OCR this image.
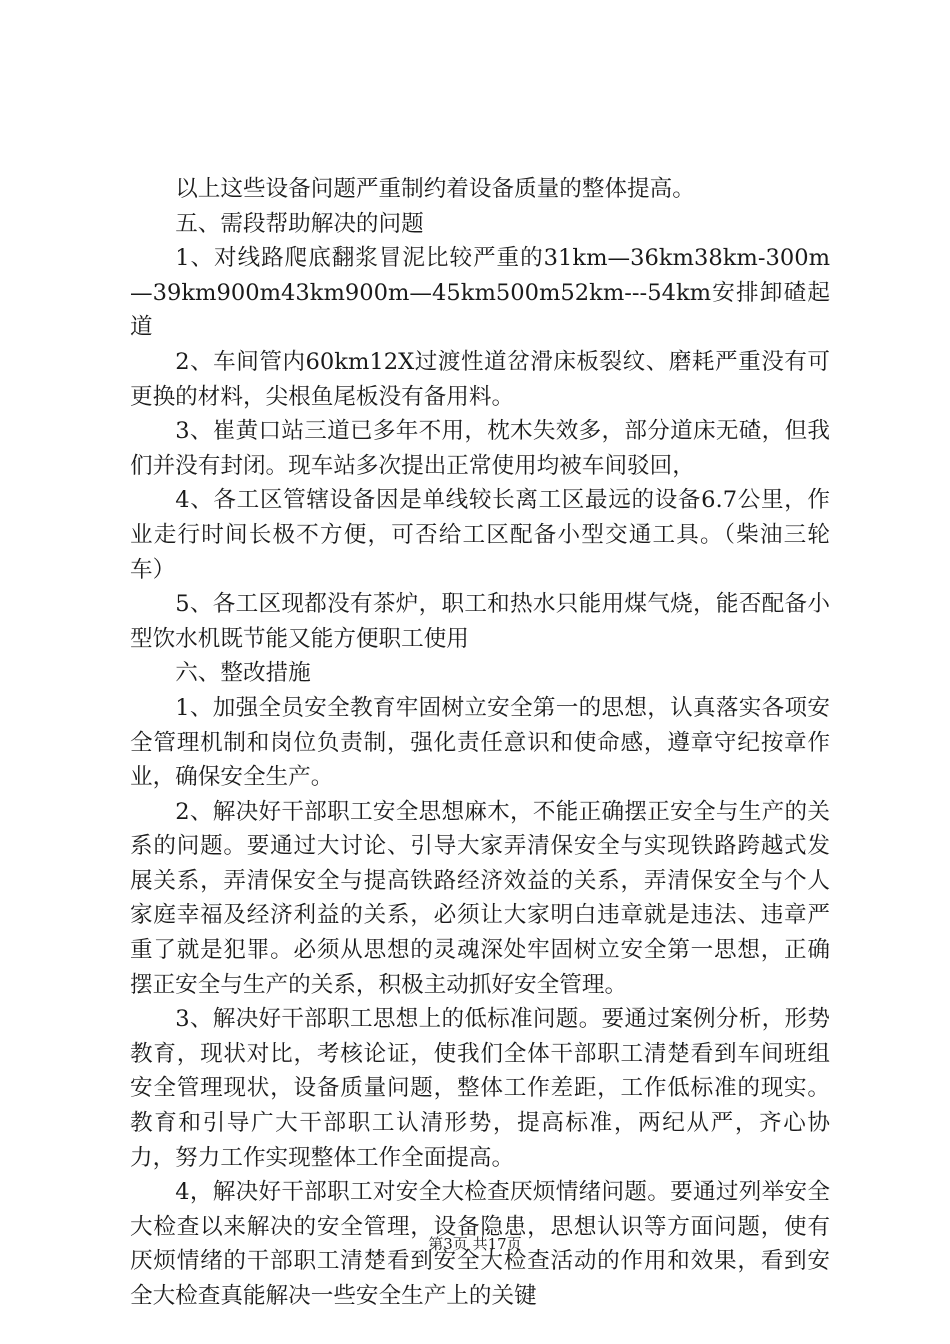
以上这些设备问题严重制约着设备质量的整体提高。

五、需段帮助解决的问题

1、对线路爬底翻浆冒泥比较严重的31km—36km38km-300m—39km900m43km900m—45km500m52km---54km安排卸碴起道

2、车间管内60km12X过渡性道岔滑床板裂纹、磨耗严重没有可更换的材料，尖根鱼尾板没有备用料。

3、崔黄口站三道已多年不用，枕木失效多，部分道床无碴，但我们并没有封闭。现车站多次提出正常使用均被车间驳回，

4、各工区管辖设备因是单线较长离工区最远的设备6.7公里，作业走行时间长极不方便，可否给工区配备小型交通工具。（柴油三轮车）

5、各工区现都没有茶炉，职工和热水只能用煤气烧，能否配备小型饮水机既节能又能方便职工使用

六、整改措施

1、加强全员安全教育牢固树立安全第一的思想，认真落实各项安全管理机制和岗位负责制，强化责任意识和使命感，遵章守纪按章作业，确保安全生产。

2、解决好干部职工安全思想麻木，不能正确摆正安全与生产的关系的问题。要通过大讨论、引导大家弄清保安全与实现铁路跨越式发展关系，弄清保安全与提高铁路经济效益的关系，弄清保安全与个人家庭幸福及经济利益的关系，必须让大家明白违章就是违法、违章严重了就是犯罪。必须从思想的灵魂深处牢固树立安全第一思想，正确摆正安全与生产的关系，积极主动抓好安全管理。

3、解决好干部职工思想上的低标准问题。要通过案例分析，形势教育，现状对比，考核论证，使我们全体干部职工清楚看到车间班组安全管理现状，设备质量问题，整体工作差距，工作低标准的现实。教育和引导广大干部职工认清形势，提高标准，两纪从严，齐心协力，努力工作实现整体工作全面提高。

4，解决好干部职工对安全大检查厌烦情绪问题。要通过列举安全大检查以来解决的安全管理，设备隐患，思想认识等方面问题，使有厌烦情绪的干部职工清楚看到安全大检查活动的作用和效果，看到安全大检查真能解决一些安全生产上的关键

第3页 共17页
